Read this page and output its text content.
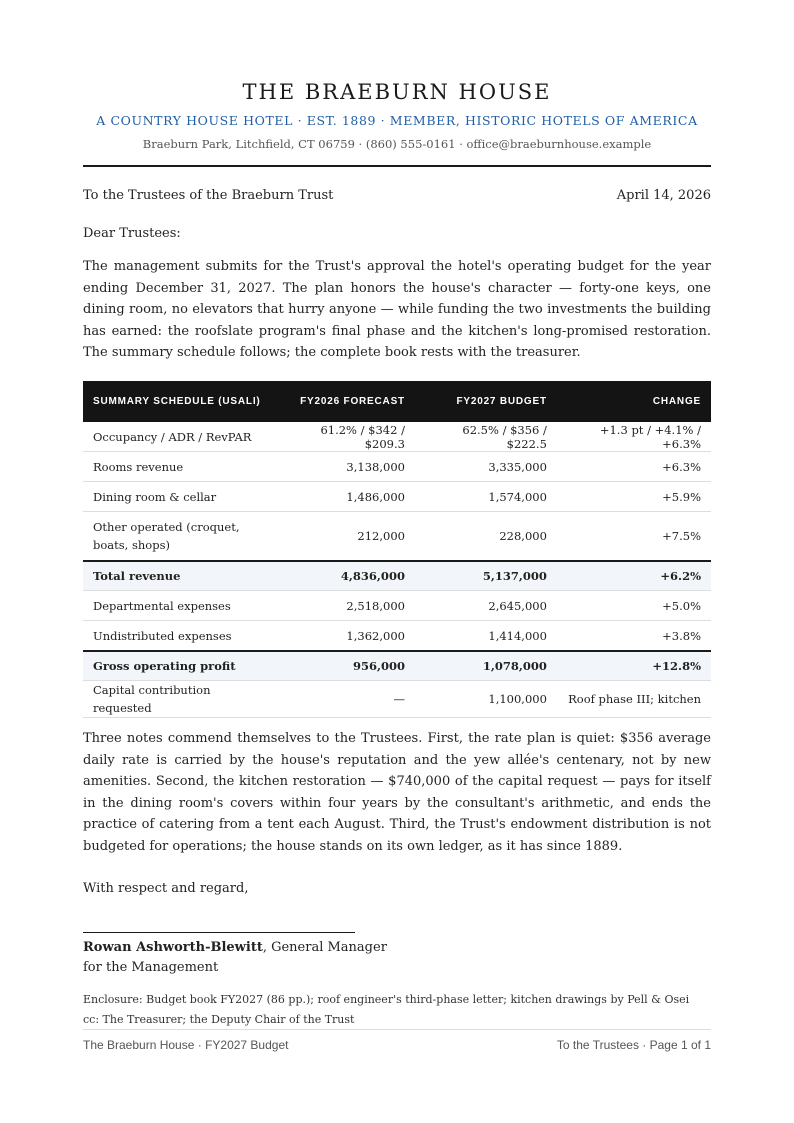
THE BRAEBURN HOUSE
A COUNTRY HOUSE HOTEL · EST. 1889 · MEMBER, HISTORIC HOTELS OF AMERICA
Braeburn Park, Litchfield, CT 06759 · (860) 555-0161 · office@braeburnhouse.example
To the Trustees of the Braeburn Trust	April 14, 2026
Dear Trustees:

The management submits for the Trust's approval the hotel's operating budget for the year ending December 31, 2027. The plan honors the house's character — forty-one keys, one dining room, no elevators that hurry anyone — while funding the two investments the building has earned: the roofslate program's final phase and the kitchen's long-promised restoration. The summary schedule follows; the complete book rests with the treasurer.

SUMMARY SCHEDULE (USALI)	FY2026 FORECAST	FY2027 BUDGET	CHANGE
Occupancy / ADR / RevPAR	61.2% / $342 / $209.3	62.5% / $356 / $222.5	+1.3 pt / +4.1% / +6.3%
Rooms revenue	3,138,000	3,335,000	+6.3%
Dining room & cellar	1,486,000	1,574,000	+5.9%
Other operated (croquet, boats, shops)	212,000	228,000	+7.5%
Total revenue	4,836,000	5,137,000	+6.2%
Departmental expenses	2,518,000	2,645,000	+5.0%
Undistributed expenses	1,362,000	1,414,000	+3.8%
Gross operating profit	956,000	1,078,000	+12.8%
Capital contribution requested	—	1,100,000	Roof phase III; kitchen

Three notes commend themselves to the Trustees. First, the rate plan is quiet: $356 average daily rate is carried by the house's reputation and the yew allée's centenary, not by new amenities. Second, the kitchen restoration — $740,000 of the capital request — pays for itself in the dining room's covers within four years by the consultant's arithmetic, and ends the practice of catering from a tent each August. Third, the Trust's endowment distribution is not budgeted for operations; the house stands on its own ledger, as it has since 1889.

With respect and regard,
Rowan Ashworth-Blewitt, General Manager
for the Management
Enclosure: Budget book FY2027 (86 pp.); roof engineer's third-phase letter; kitchen drawings by Pell & Osei
cc: The Treasurer; the Deputy Chair of the Trust
The Braeburn House · FY2027 Budget	To the Trustees · Page 1 of 1
